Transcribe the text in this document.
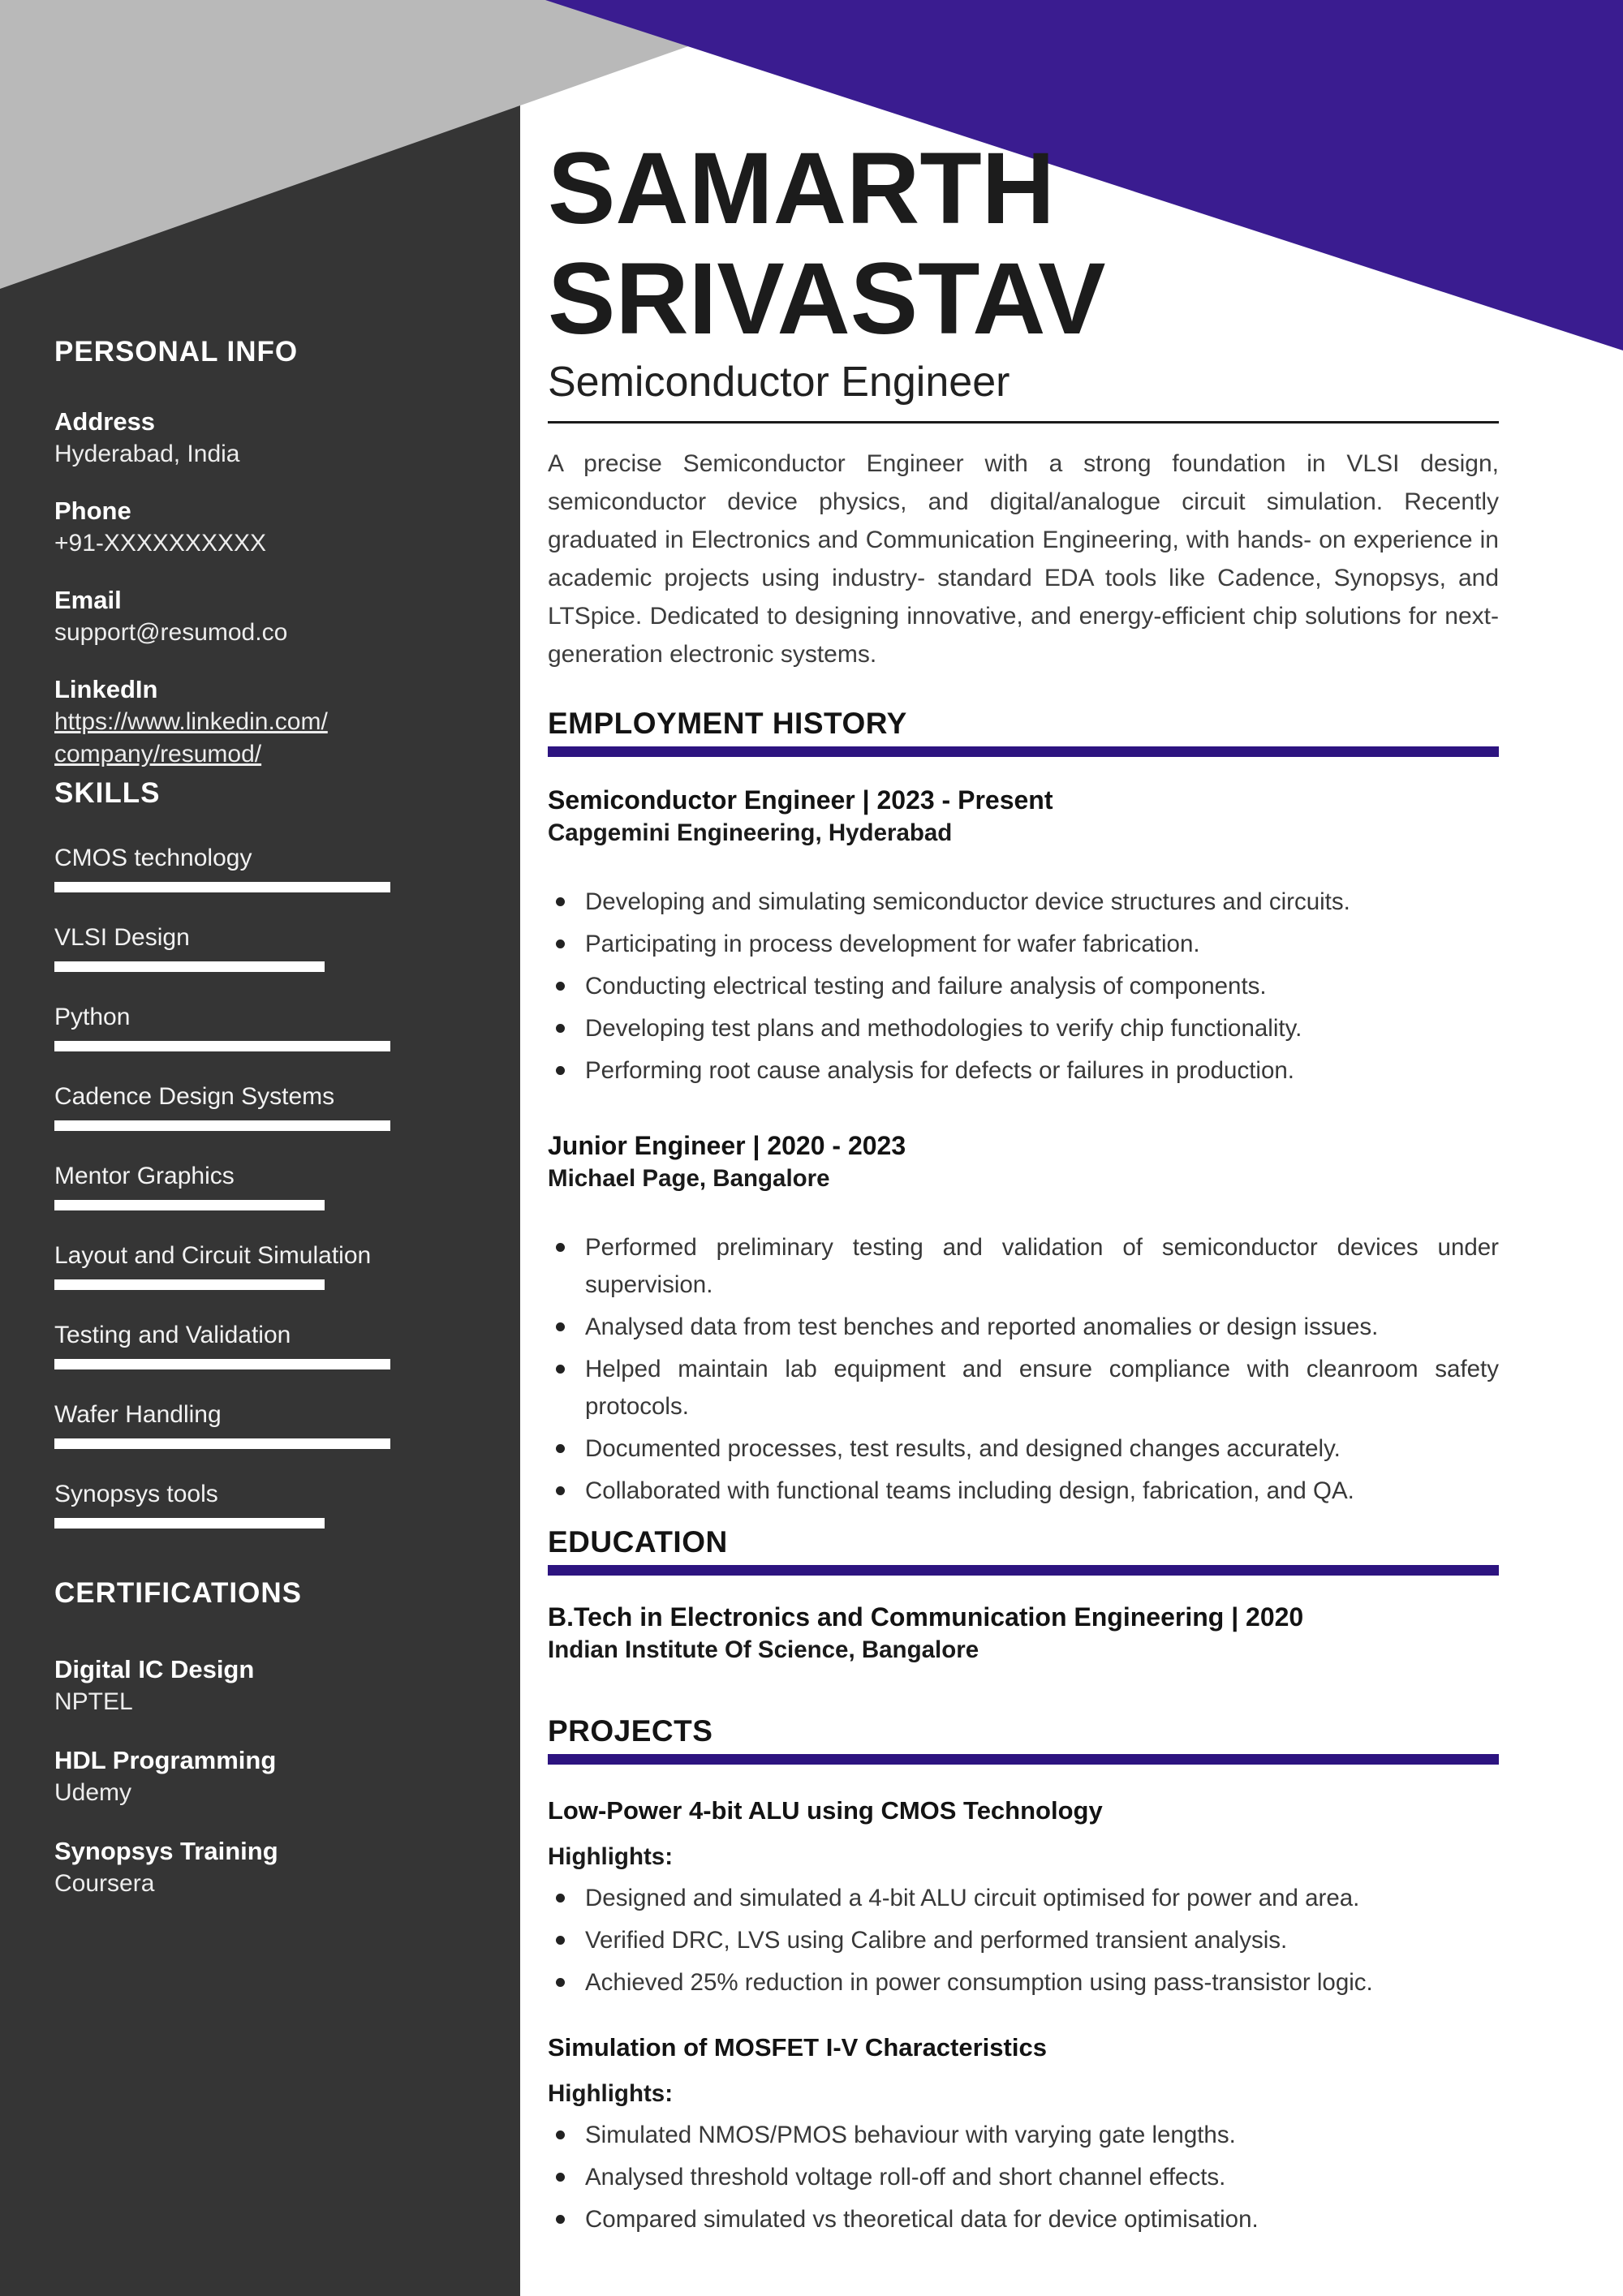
PERSONAL INFO
Address
Hyderabad, India
Phone
+91-XXXXXXXXXX
Email
support@resumod.co
LinkedIn
https://www.linkedin.com/
company/resumod/
SKILLS
CMOS technology
VLSI Design
Python
Cadence Design Systems
Mentor Graphics
Layout and Circuit Simulation
Testing and Validation
Wafer Handling
Synopsys tools
CERTIFICATIONS
Digital IC Design
NPTEL
HDL Programming
Udemy
Synopsys Training
Coursera
SAMARTH
SRIVASTAV
Semiconductor Engineer
A precise Semiconductor Engineer with a strong foundation in VLSI design, semiconductor device physics, and digital/analogue circuit simulation. Recently graduated in Electronics and Communication Engineering, with hands- on experience in academic projects using industry- standard EDA tools like Cadence, Synopsys, and LTSpice. Dedicated to designing innovative, and energy-efficient chip solutions for next-generation electronic systems.
EMPLOYMENT HISTORY
Semiconductor Engineer | 2023 - Present
Capgemini Engineering, Hyderabad
Developing and simulating semiconductor device structures and circuits.
Participating in process development for wafer fabrication.
Conducting electrical testing and failure analysis of components.
Developing test plans and methodologies to verify chip functionality.
Performing root cause analysis for defects or failures in production.
Junior Engineer | 2020 - 2023
Michael Page, Bangalore
Performed preliminary testing and validation of semiconductor devices under supervision.
Analysed data from test benches and reported anomalies or design issues.
Helped maintain lab equipment and ensure compliance with cleanroom safety protocols.
Documented processes, test results, and designed changes accurately.
Collaborated with functional teams including design, fabrication, and QA.
EDUCATION
B.Tech in Electronics and Communication Engineering | 2020
Indian Institute Of Science, Bangalore
PROJECTS
Low-Power 4-bit ALU using CMOS Technology
Highlights:
Designed and simulated a 4-bit ALU circuit optimised for power and area.
Verified DRC, LVS using Calibre and performed transient analysis.
Achieved 25% reduction in power consumption using pass-transistor logic.
Simulation of MOSFET I-V Characteristics
Highlights:
Simulated NMOS/PMOS behaviour with varying gate lengths.
Analysed threshold voltage roll-off and short channel effects.
Compared simulated vs theoretical data for device optimisation.
